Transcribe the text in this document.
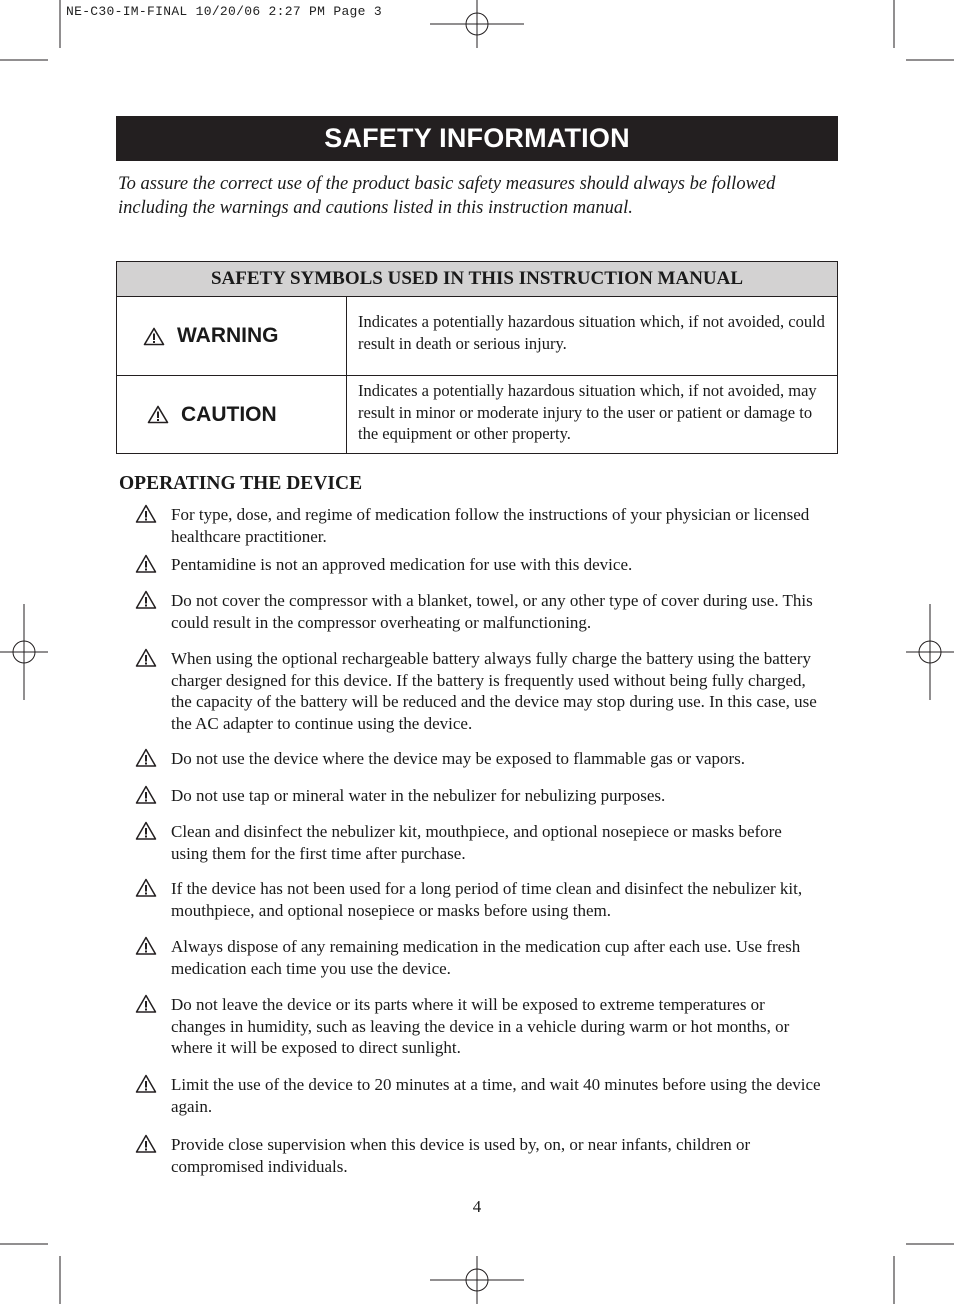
NE-C30-IM-FINAL 10/20/06 2:27 PM Page 3
SAFETY INFORMATION
To assure the correct use of the product basic safety measures should always be followed including the warnings and cautions listed in this instruction manual.
SAFETY SYMBOLS USED IN THIS INSTRUCTION MANUAL
WARNING
Indicates a potentially hazardous situation which, if not avoided, could result in death or serious injury.
CAUTION
Indicates a potentially hazardous situation which, if not avoided, may result in minor or moderate injury to the user or patient or damage to the equipment or other property.
OPERATING THE DEVICE
For type, dose, and regime of medication follow the instructions of your physician or licensed healthcare practitioner.
Pentamidine is not an approved medication for use with this device.
Do not cover the compressor with a blanket, towel, or any other type of cover during use. This could result in the compressor overheating or malfunctioning.
When using the optional rechargeable battery always fully charge the battery using the battery charger designed for this device. If the battery is frequently used without being fully charged, the capacity of the battery will be reduced and the device may stop during use. In this case, use the AC adapter to continue using the device.
Do not use the device where the device may be exposed to flammable gas or vapors.
Do not use tap or mineral water in the nebulizer for nebulizing purposes.
Clean and disinfect the nebulizer kit, mouthpiece, and optional nosepiece or masks before using them for the first time after purchase.
If the device has not been used for a long period of time clean and disinfect the nebulizer kit, mouthpiece, and optional nosepiece or masks before using them.
Always dispose of any remaining medication in the medication cup after each use. Use fresh medication each time you use the device.
Do not leave the device or its parts where it will be exposed to extreme temperatures or changes in humidity, such as leaving the device in a vehicle during warm or hot months, or where it will be exposed to direct sunlight.
Limit the use of the device to 20 minutes at a time, and wait 40 minutes before using the device again.
Provide close supervision when this device is used by, on, or near infants, children or compromised individuals.
4
